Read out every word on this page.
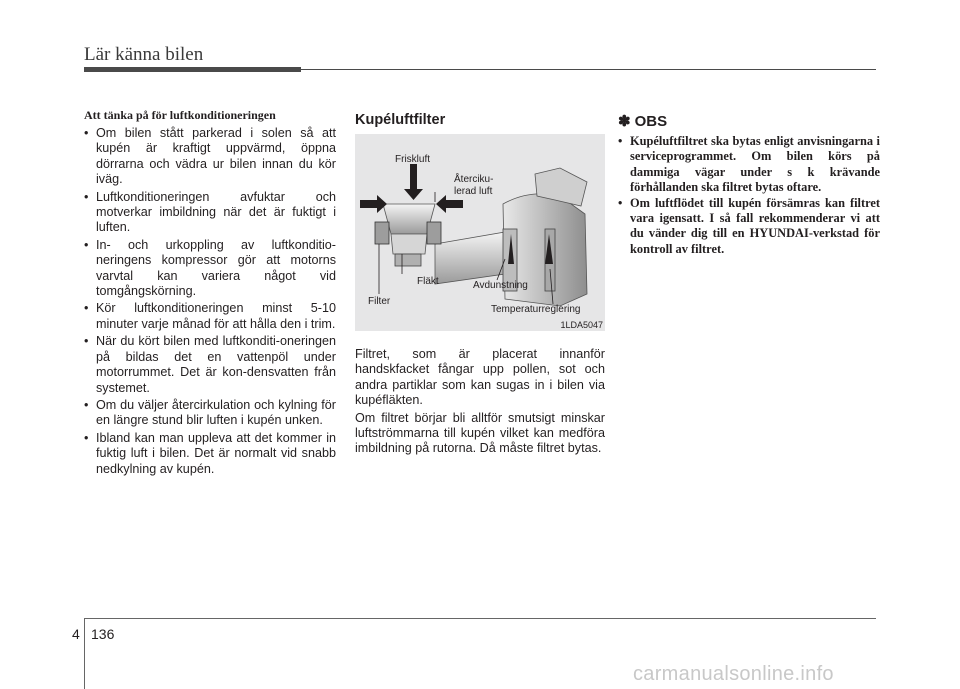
Lär känna bilen
Att tänka på för luftkonditioneringen
• Om bilen stått parkerad i solen så att kupén är kraftigt uppvärmd, öppna dörrarna och vädra ur bilen innan du kör iväg.
• Luftkonditioneringen avfuktar och motverkar imbildning när det är fuktigt i luften.
• In- och urkoppling av luftkonditio-neringens kompressor gör att motorns varvtal kan variera något vid tomgångskörning.
• Kör luftkonditioneringen minst 5-10 minuter varje månad för att hålla den i trim.
• När du kört bilen med luftkonditi-oneringen på bildas det en vattenpöl under motorrummet. Det är kon-densvatten från systemet.
• Om du väljer återcirkulation och kylning för en längre stund blir luften i kupén unken.
• Ibland kan man uppleva att det kommer in fuktig luft i bilen. Det är normalt vid snabb nedkylning av kupén.
Kupéluftfilter
Friskluft
Återciku-
lerad luft
Fläkt	Avdunstning
Filter
Temperaturreglering
1LDA5047

Filtret, som är placerat innanför handskfacket fångar upp pollen, sot och andra partiklar som kan sugas in i bilen via kupéfläkten.

Om filtret börjar bli alltför smutsigt minskar luftströmmarna till kupén vilket kan medföra imbildning på rutorna. Då måste filtret bytas.

✽ OBS
• Kupéluftfiltret ska bytas enligt anvisningarna i serviceprogrammet. Om bilen körs på dammiga vägar under s k krävande förhållanden ska filtret bytas oftare.
• Om luftflödet till kupén försämras kan filtret vara igensatt. I så fall rekommenderar vi att du vänder dig till en HYUNDAI-verkstad för kontroll av filtret.
4 136
carmanualsonline.info
